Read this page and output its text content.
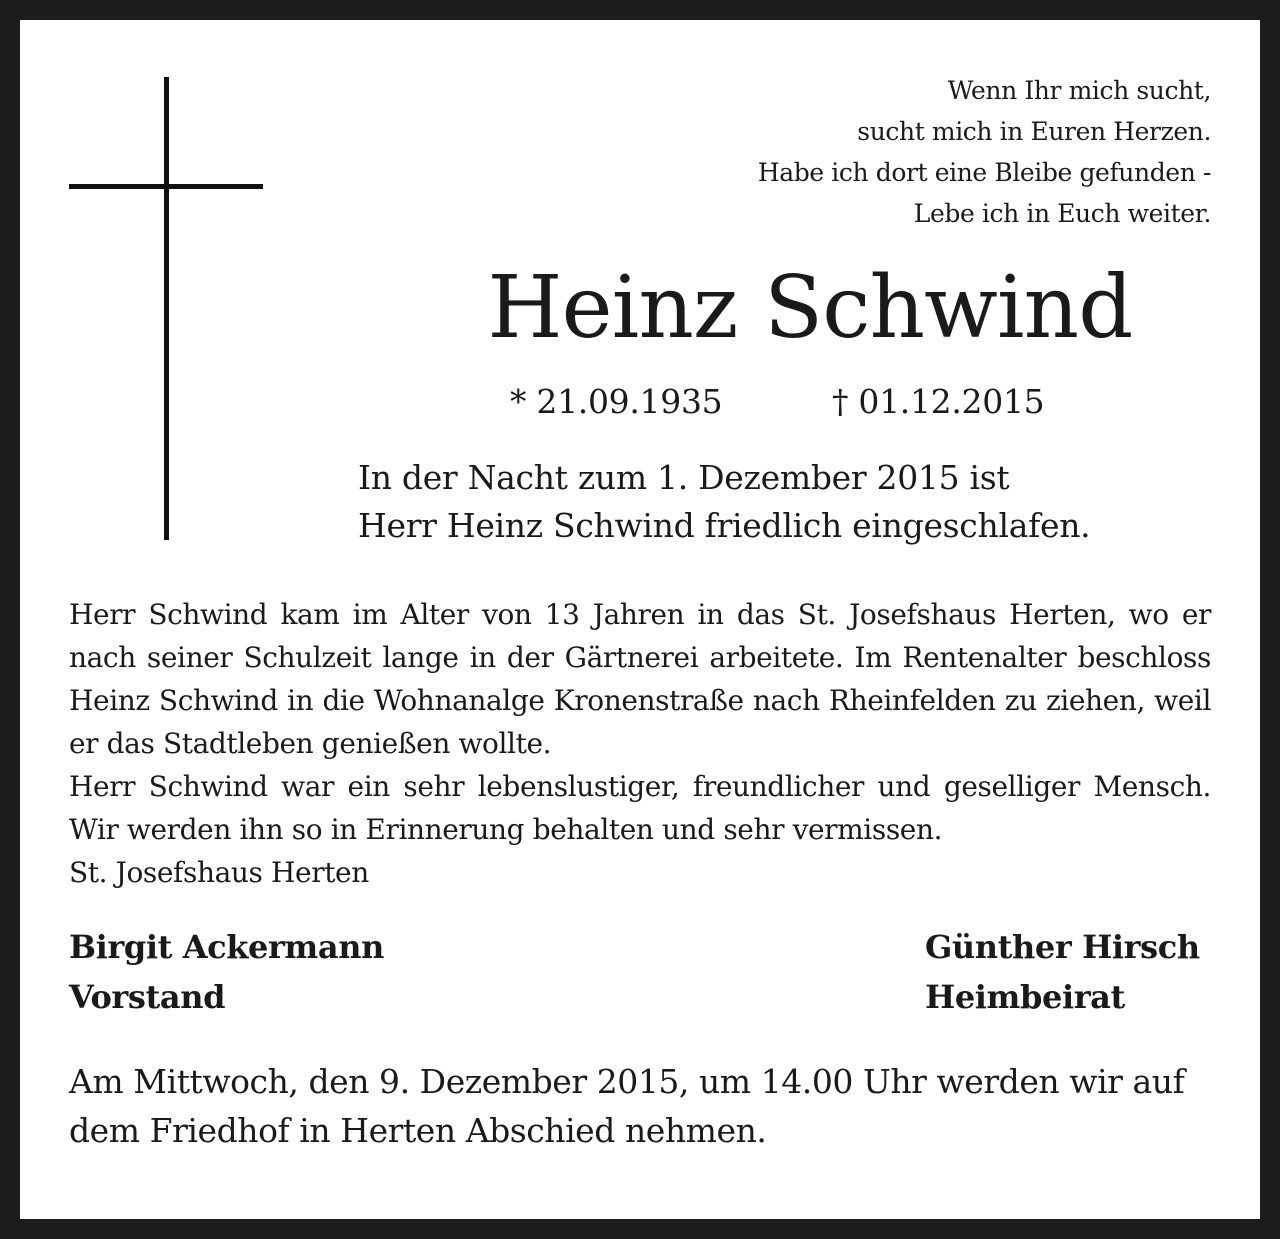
Wenn Ihr mich sucht,
sucht mich in Euren Herzen.
Habe ich dort eine Bleibe gefunden -
Lebe ich in Euch weiter.
Heinz Schwind
* 21.09.1935	† 01.12.2015
In der Nacht zum 1. Dezember 2015 ist
Herr Heinz Schwind friedlich eingeschlafen.

Herr Schwind kam im Alter von 13 Jahren in das St. Josefshaus Herten, wo er nach seiner Schulzeit lange in der Gärtnerei arbeitete. Im Rentenalter beschloss Heinz Schwind in die Wohnanalge Kronenstraße nach Rheinfelden zu ziehen, weil er das Stadtleben genießen wollte.

Herr Schwind war ein sehr lebenslustiger, freundlicher und geselliger Mensch. Wir werden ihn so in Erinnerung behalten und sehr vermissen.

St. Josefshaus Herten

Birgit Ackermann
Vorstand
Günther Hirsch
Heimbeirat
Am Mittwoch, den 9. Dezember 2015, um 14.00 Uhr werden wir auf
dem Friedhof in Herten Abschied nehmen.
